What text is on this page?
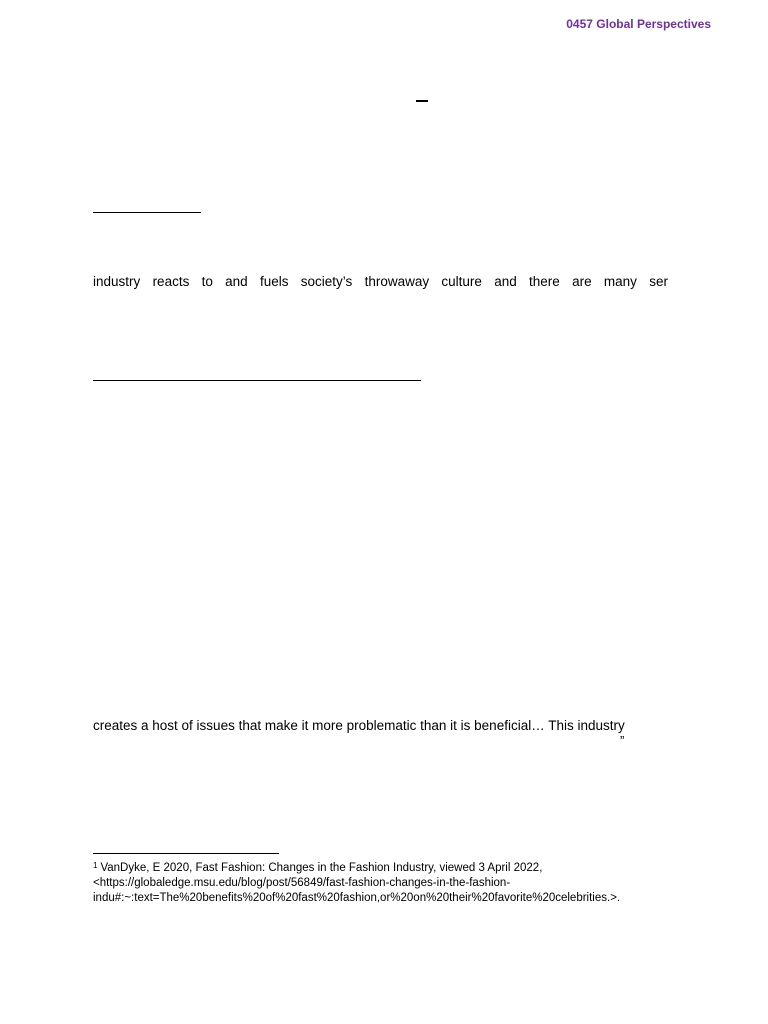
0457 Global Perspectives
industry reacts to and fuels society’s throwaway culture and there are many ser
creates a host of issues that make it more problematic than it is beneficial… This industry
”
$^1$ VanDyke, E 2020, Fast Fashion: Changes in the Fashion Industry, viewed 3 April 2022,
<https://globaledge.msu.edu/blog/post/56849/fast-fashion-changes-in-the-fashion-
indu#:~:text=The%20benefits%20of%20fast%20fashion,or%20on%20their%20favorite%20celebrities.>.
